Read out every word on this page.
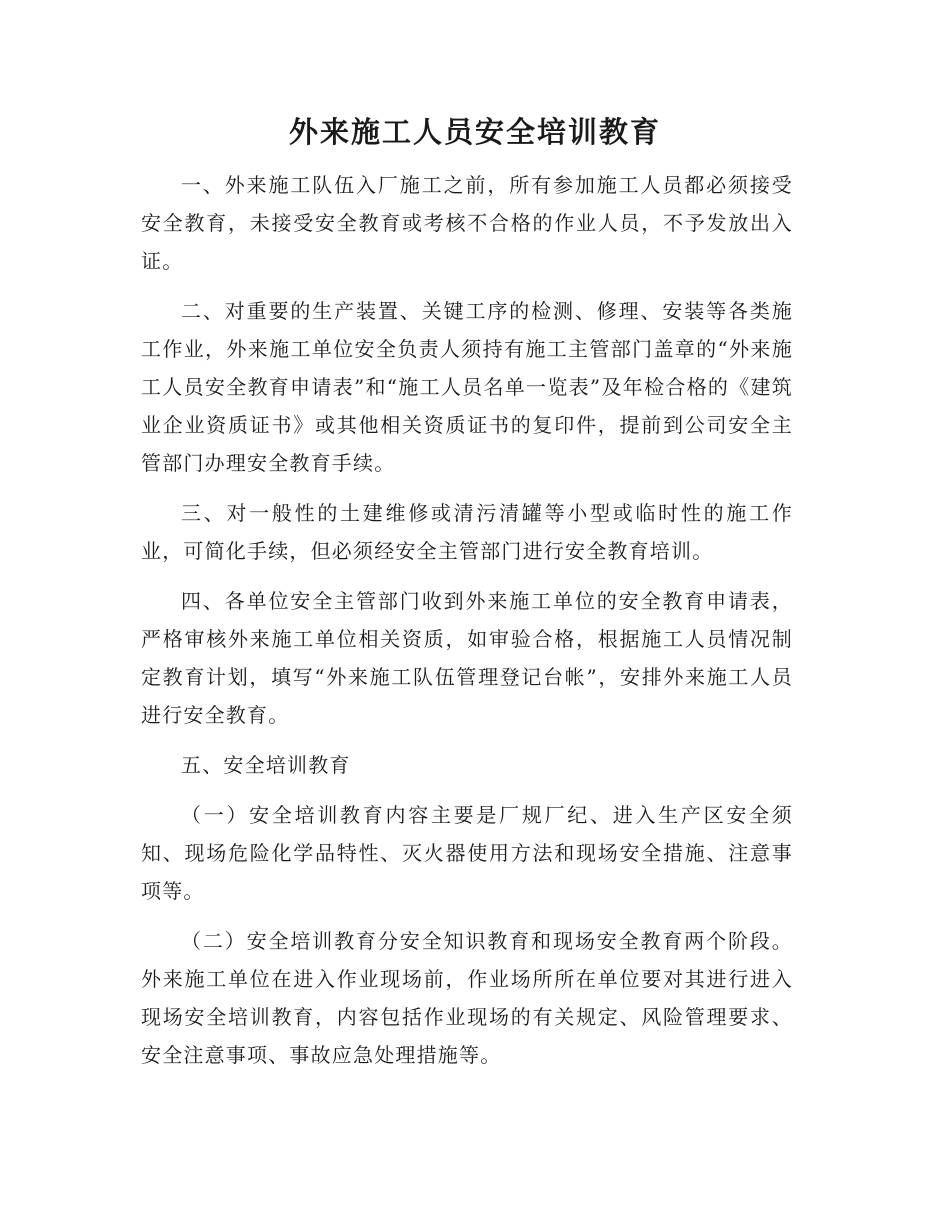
外来施工人员安全培训教育

一、外来施工队伍入厂施工之前，所有参加施工人员都必须接受安全教育，未接受安全教育或考核不合格的作业人员，不予发放出入证。

二、对重要的生产装置、关键工序的检测、修理、安装等各类施工作业，外来施工单位安全负责人须持有施工主管部门盖章的“外来施工人员安全教育申请表”和“施工人员名单一览表”及年检合格的《建筑业企业资质证书》或其他相关资质证书的复印件，提前到公司安全主管部门办理安全教育手续。

三、对一般性的土建维修或清污清罐等小型或临时性的施工作业，可简化手续，但必须经安全主管部门进行安全教育培训。

四、各单位安全主管部门收到外来施工单位的安全教育申请表，严格审核外来施工单位相关资质，如审验合格，根据施工人员情况制定教育计划，填写“外来施工队伍管理登记台帐”，安排外来施工人员进行安全教育。

五、安全培训教育

（一）安全培训教育内容主要是厂规厂纪、进入生产区安全须知、现场危险化学品特性、灭火器使用方法和现场安全措施、注意事项等。

（二）安全培训教育分安全知识教育和现场安全教育两个阶段。外来施工单位在进入作业现场前，作业场所所在单位要对其进行进入现场安全培训教育，内容包括作业现场的有关规定、风险管理要求、安全注意事项、事故应急处理措施等。
